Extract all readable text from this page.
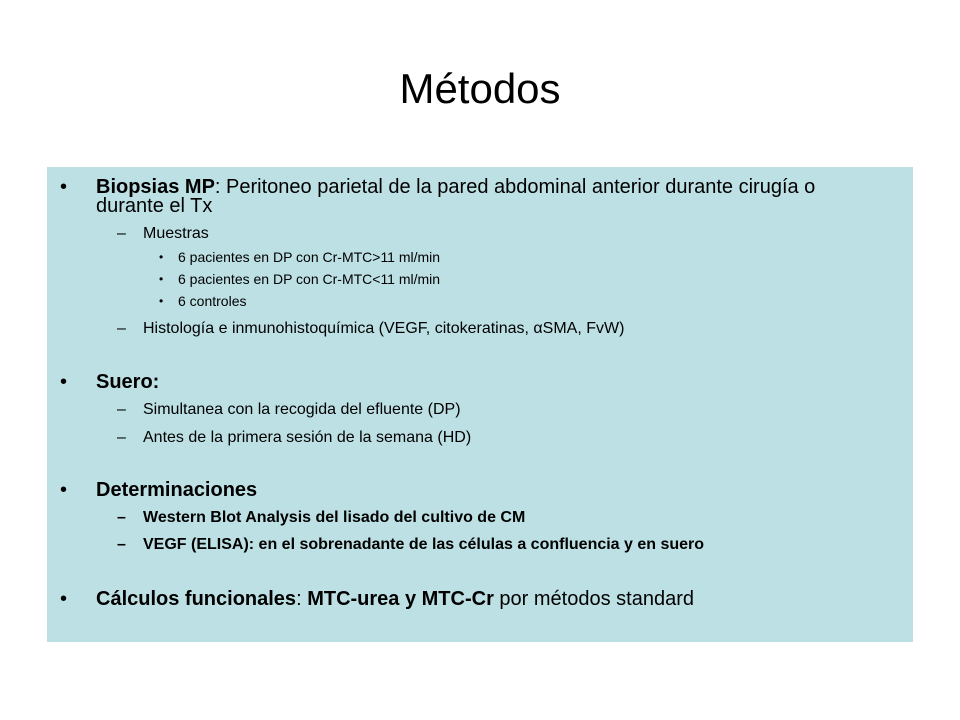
Métodos
• Biopsias MP: Peritoneo parietal de la pared abdominal anterior durante cirugía o durante el Tx
– Muestras
• 6 pacientes en DP con Cr-MTC>11 ml/min
• 6 pacientes en DP con Cr-MTC<11 ml/min
• 6 controles
– Histología e inmunohistoquímica (VEGF, citokeratinas, αSMA, FvW)
• Suero:
– Simultanea con la recogida del efluente (DP)
– Antes de la primera sesión de la semana (HD)
• Determinaciones
– Western Blot Analysis del lisado del cultivo de CM
– VEGF (ELISA): en el sobrenadante de las células a confluencia y en suero
• Cálculos funcionales: MTC-urea y MTC-Cr por métodos standard
